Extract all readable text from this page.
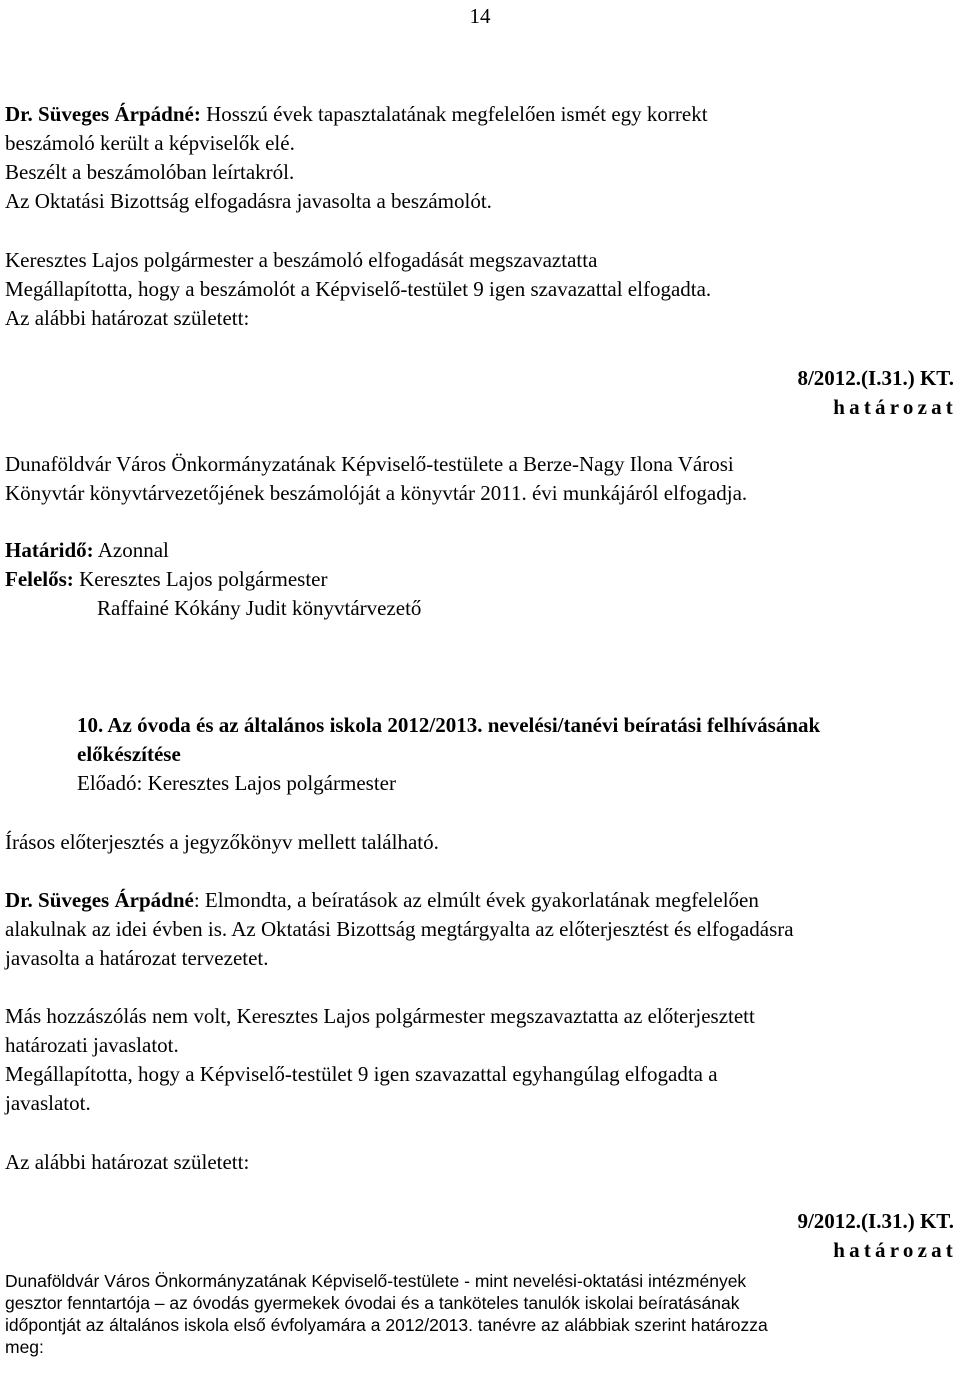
14
Dr. Süveges Árpádné: Hosszú évek tapasztalatának megfelelően ismét egy korrekt
beszámoló került a képviselők elé.
Beszélt a beszámolóban leírtakról.
Az Oktatási Bizottság elfogadásra javasolta a beszámolót.
Keresztes Lajos polgármester a beszámoló elfogadását megszavaztatta
Megállapította, hogy a beszámolót a Képviselő-testület 9 igen szavazattal elfogadta.
Az alábbi határozat született:
8/2012.(I.31.) KT.
határozat
Dunaföldvár Város Önkormányzatának Képviselő-testülete a Berze-Nagy Ilona Városi
Könyvtár könyvtárvezetőjének beszámolóját a könyvtár 2011. évi munkájáról elfogadja.
Határidő: Azonnal
Felelős: Keresztes Lajos polgármester
Raffainé Kókány Judit könyvtárvezető
10. Az óvoda és az általános iskola 2012/2013. nevelési/tanévi beíratási felhívásának
előkészítése
Előadó: Keresztes Lajos polgármester
Írásos előterjesztés a jegyzőkönyv mellett található.
Dr. Süveges Árpádné: Elmondta, a beíratások az elmúlt évek gyakorlatának megfelelően
alakulnak az idei évben is. Az Oktatási Bizottság megtárgyalta az előterjesztést és elfogadásra
javasolta a határozat tervezetet.
Más hozzászólás nem volt, Keresztes Lajos polgármester megszavaztatta az előterjesztett
határozati javaslatot.
Megállapította, hogy a Képviselő-testület 9 igen szavazattal egyhangúlag elfogadta a
javaslatot.
Az alábbi határozat született:
9/2012.(I.31.) KT.
határozat
Dunaföldvár Város Önkormányzatának Képviselő-testülete - mint nevelési-oktatási intézmények
gesztor fenntartója – az óvodás gyermekek óvodai és a tanköteles tanulók iskolai beíratásának
időpontját az általános iskola első évfolyamára a 2012/2013. tanévre az alábbiak szerint határozza
meg:
